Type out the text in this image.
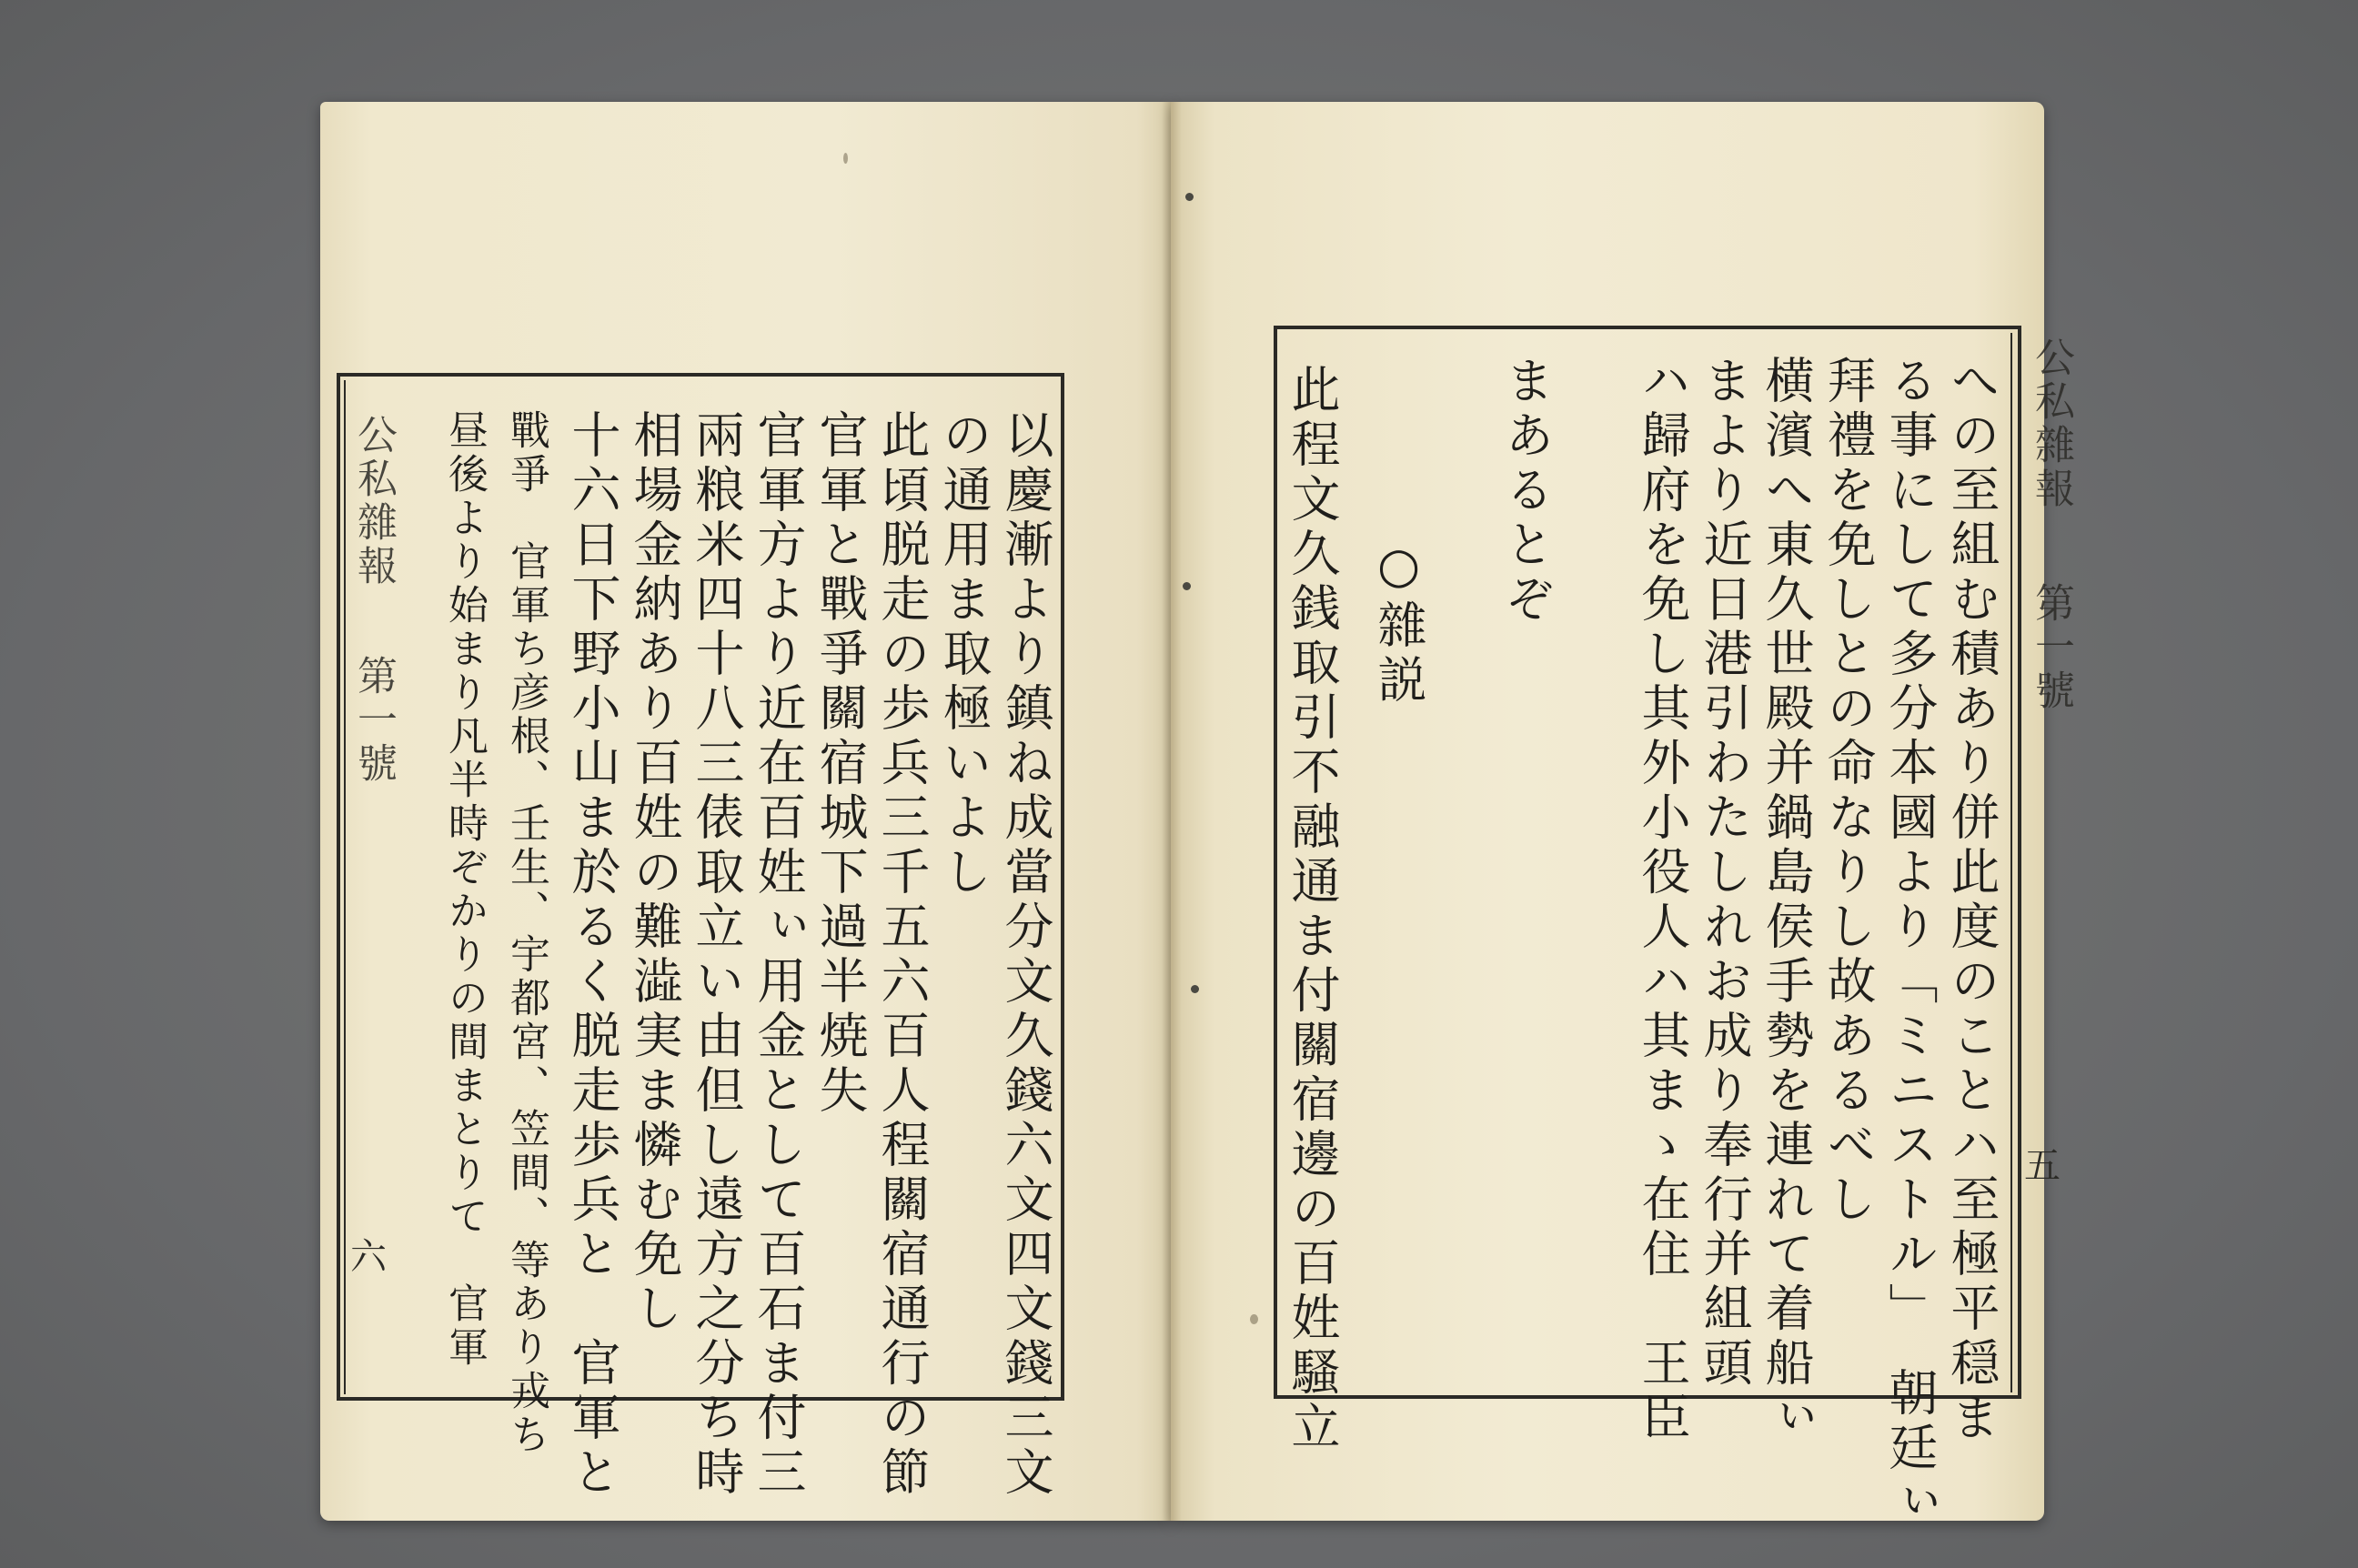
公私雜報
第一號
六	以慶漸より鎮ね成當分文久錢六文四文錢三文
の通用ま取極いよし
此頃脱走の歩兵三千五六百人程關宿通行の節
官軍と戰爭關宿城下過半焼失
官軍方より近在百姓ぃ用金として百石ま付三
兩粮米四十八三俵取立い由但し遠方之分ち時
相場金納あり百姓の難澁実ま憐む免し
十六日下野小山ま於るく脱走歩兵と　官軍と
戰爭　官軍ち彦根、壬生、宇都宮、笠間、等あり戎ち
昼後より始まり凡半時ぞかりの間まとりて　官軍	公私雜報
第一號
五
への至組む積あり併此度のことハ至極平穏ま
る事にして多分本國より「ミニストル」　朝廷ぃ
拜禮を免しとの命なりし故あるべし
横濱へ東久世殿并鍋島侯手勢を連れて着船ぃ
まより近日港引わたしれお成り奉行并組頭
ハ歸府を免し其外小役人ハ其まゝ在住　王臣
まあるとぞ
○雜説
此程文久銭取引不融通ま付關宿邊の百姓騷立
